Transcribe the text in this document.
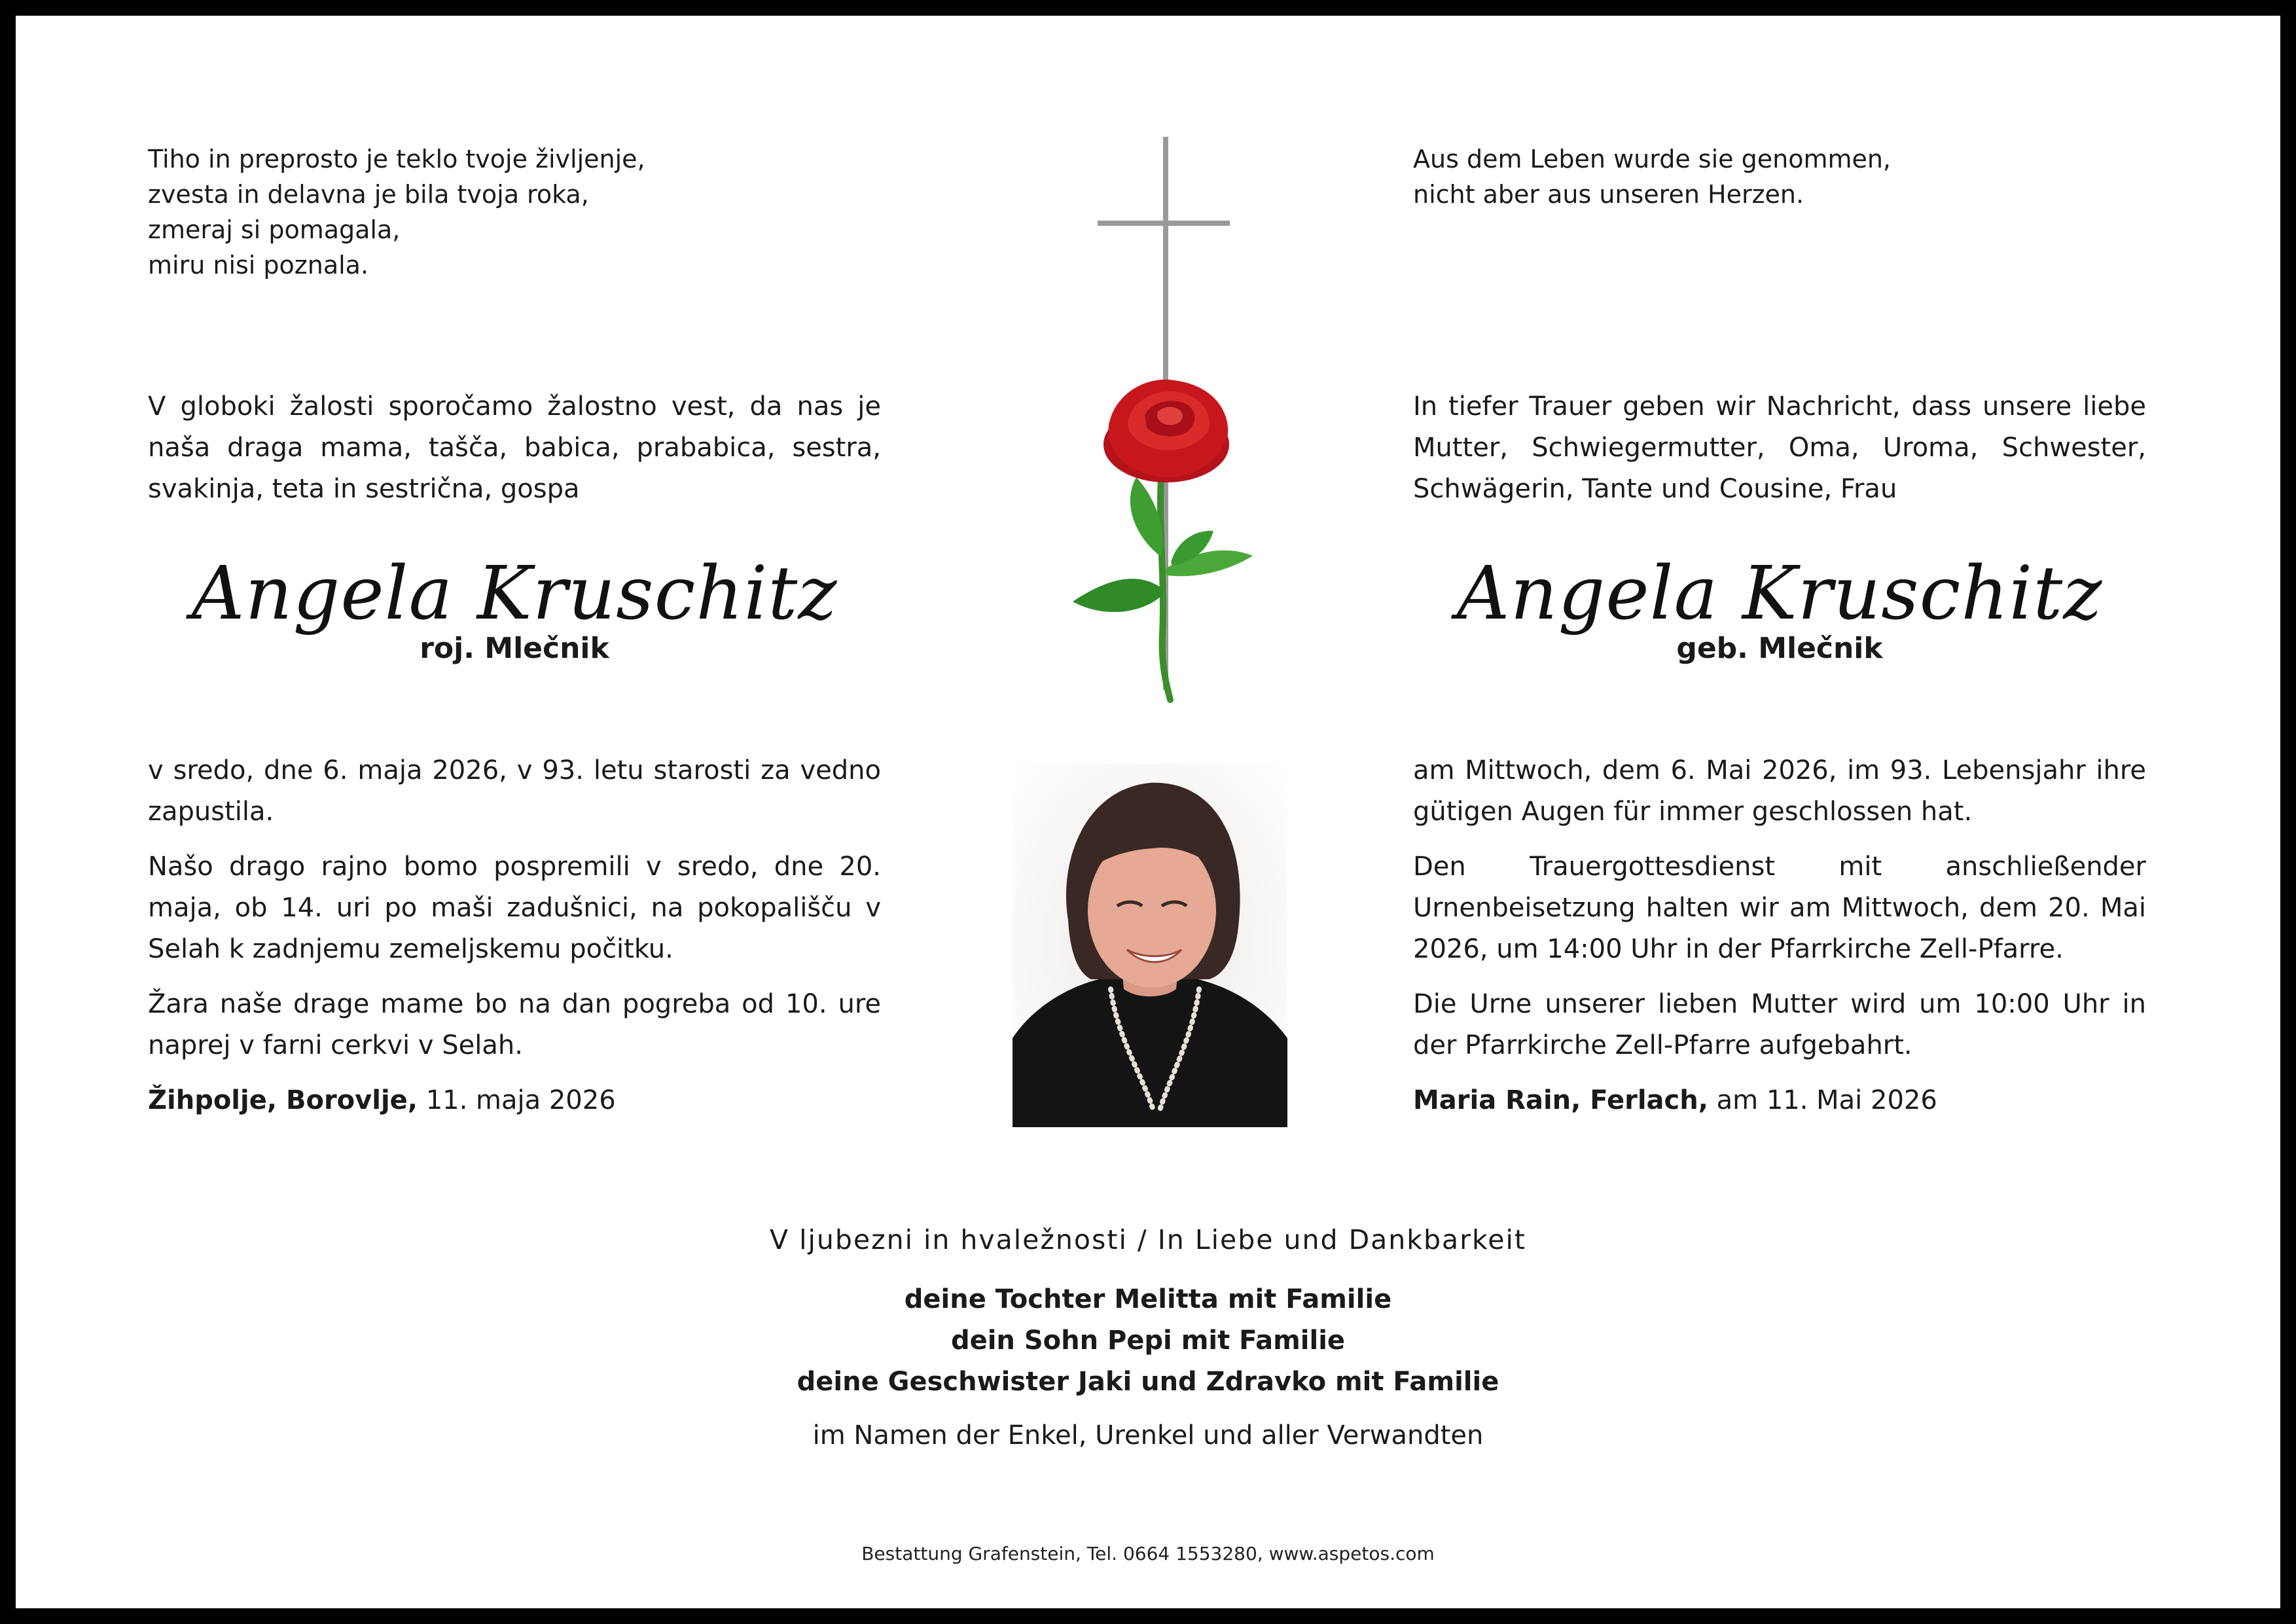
Tiho in preprosto je teklo tvoje življenje,
zvesta in delavna je bila tvoja roka,
zmeraj si pomagala,
miru nisi poznala.
V globoki žalosti sporočamo žalostno vest, da nas je naša draga mama, tašča, babica, prababica, sestra, svakinja, teta in sestrična, gospa
Angela Kruschitz
roj. Mlečnik

v sredo, dne 6. maja 2026, v 93. letu starosti za vedno zapustila.

Našo drago rajno bomo pospremili v sredo, dne 20. maja, ob 14. uri po maši zadušnici, na pokopališču v Selah k zadnjemu zemeljskemu počitku.

Žara naše drage mame bo na dan pogreba od 10. ure naprej v farni cerkvi v Selah.

Žihpolje, Borovlje, 11. maja 2026

Aus dem Leben wurde sie genommen,
nicht aber aus unseren Herzen.
In tiefer Trauer geben wir Nachricht, dass unsere liebe Mutter, Schwiegermutter, Oma, Uroma, Schwester, Schwägerin, Tante und Cousine, Frau
Angela Kruschitz
geb. Mlečnik

am Mittwoch, dem 6. Mai 2026, im 93. Lebensjahr ihre gütigen Augen für immer geschlossen hat.

Den Trauergottesdienst mit anschließender Urnenbeisetzung halten wir am Mittwoch, dem 20. Mai 2026, um 14:00 Uhr in der Pfarrkirche Zell-Pfarre.

Die Urne unserer lieben Mutter wird um 10:00 Uhr in der Pfarrkirche Zell-Pfarre aufgebahrt.

Maria Rain, Ferlach, am 11. Mai 2026

V ljubezni in hvaležnosti / In Liebe und Dankbarkeit
deine Tochter Melitta mit Familie
dein Sohn Pepi mit Familie
deine Geschwister Jaki und Zdravko mit Familie
im Namen der Enkel, Urenkel und aller Verwandten
Bestattung Grafenstein, Tel. 0664 1553280, www.aspetos.com
